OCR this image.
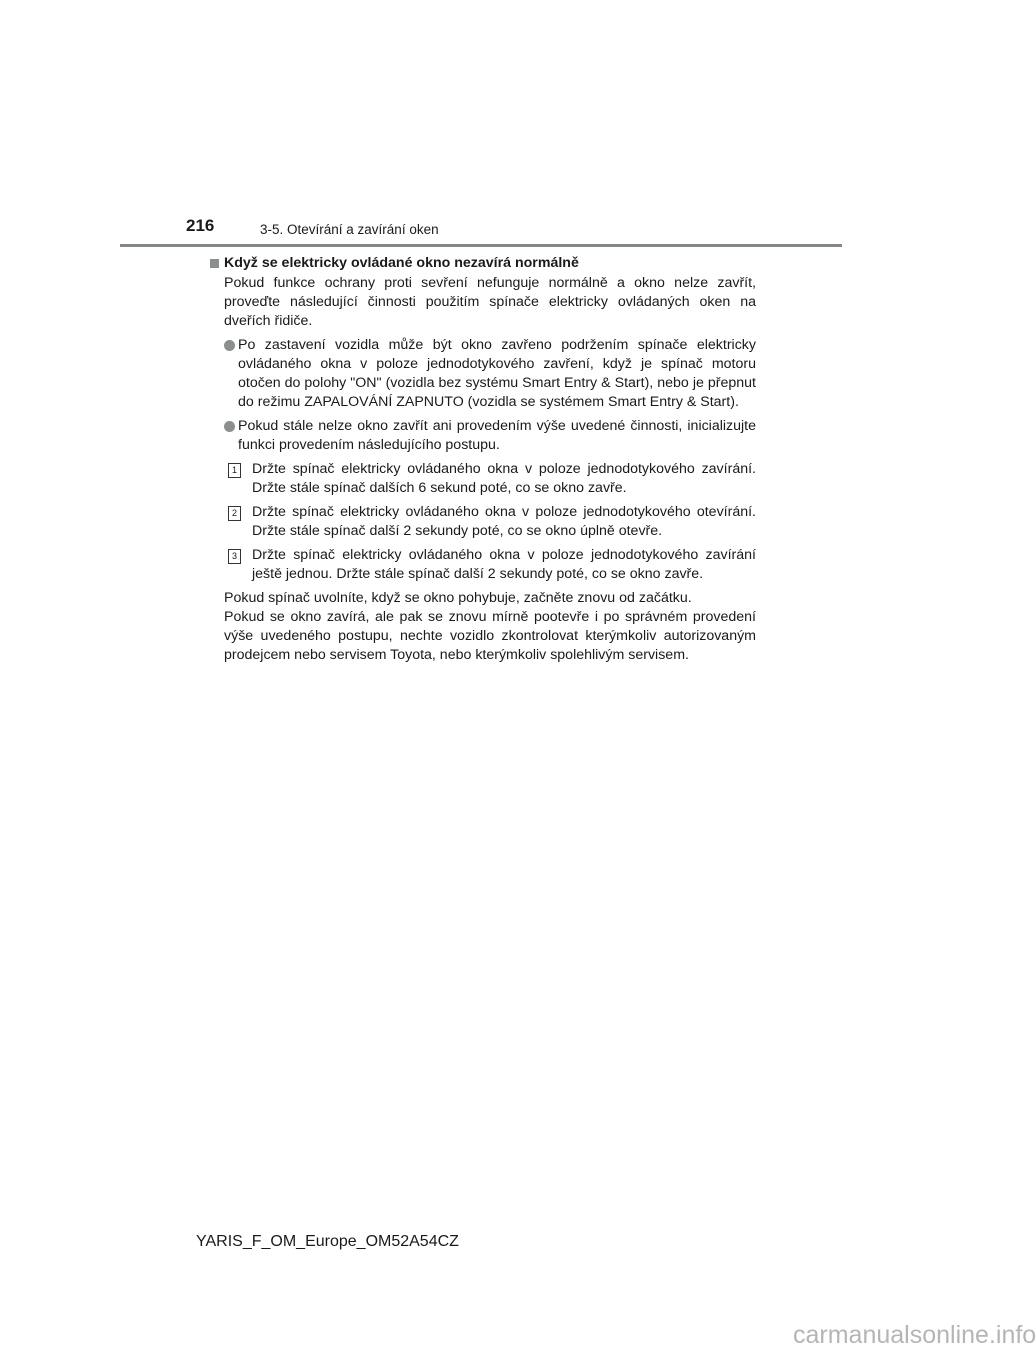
216	3-5. Otevírání a zavírání oken
Když se elektricky ovládané okno nezavírá normálně
Pokud funkce ochrany proti sevření nefunguje normálně a okno nelze zavřít, proveďte následující činnosti použitím spínače elektricky ovládaných oken na dveřích řidiče.
Po zastavení vozidla může být okno zavřeno podržením spínače elektricky ovládaného okna v poloze jednodotykového zavření, když je spínač motoru otočen do polohy "ON" (vozidla bez systému Smart Entry & Start), nebo je přepnut do režimu ZAPALOVÁNÍ ZAPNUTO (vozidla se systémem Smart Entry & Start).
Pokud stále nelze okno zavřít ani provedením výše uvedené činnosti, inicializujte funkci provedením následujícího postupu.
1 Držte spínač elektricky ovládaného okna v poloze jednodotykového zavírání. Držte stále spínač dalších 6 sekund poté, co se okno zavře.
2 Držte spínač elektricky ovládaného okna v poloze jednodotykového otevírání. Držte stále spínač další 2 sekundy poté, co se okno úplně otevře.
3 Držte spínač elektricky ovládaného okna v poloze jednodotykového zavírání ještě jednou. Držte stále spínač další 2 sekundy poté, co se okno zavře.
Pokud spínač uvolníte, když se okno pohybuje, začněte znovu od začátku.
Pokud se okno zavírá, ale pak se znovu mírně pootevře i po správném provedení výše uvedeného postupu, nechte vozidlo zkontrolovat kterýmkoliv autorizovaným prodejcem nebo servisem Toyota, nebo kterýmkoliv spolehlivým servisem.
YARIS_F_OM_Europe_OM52A54CZ
carmanualsonline.info
